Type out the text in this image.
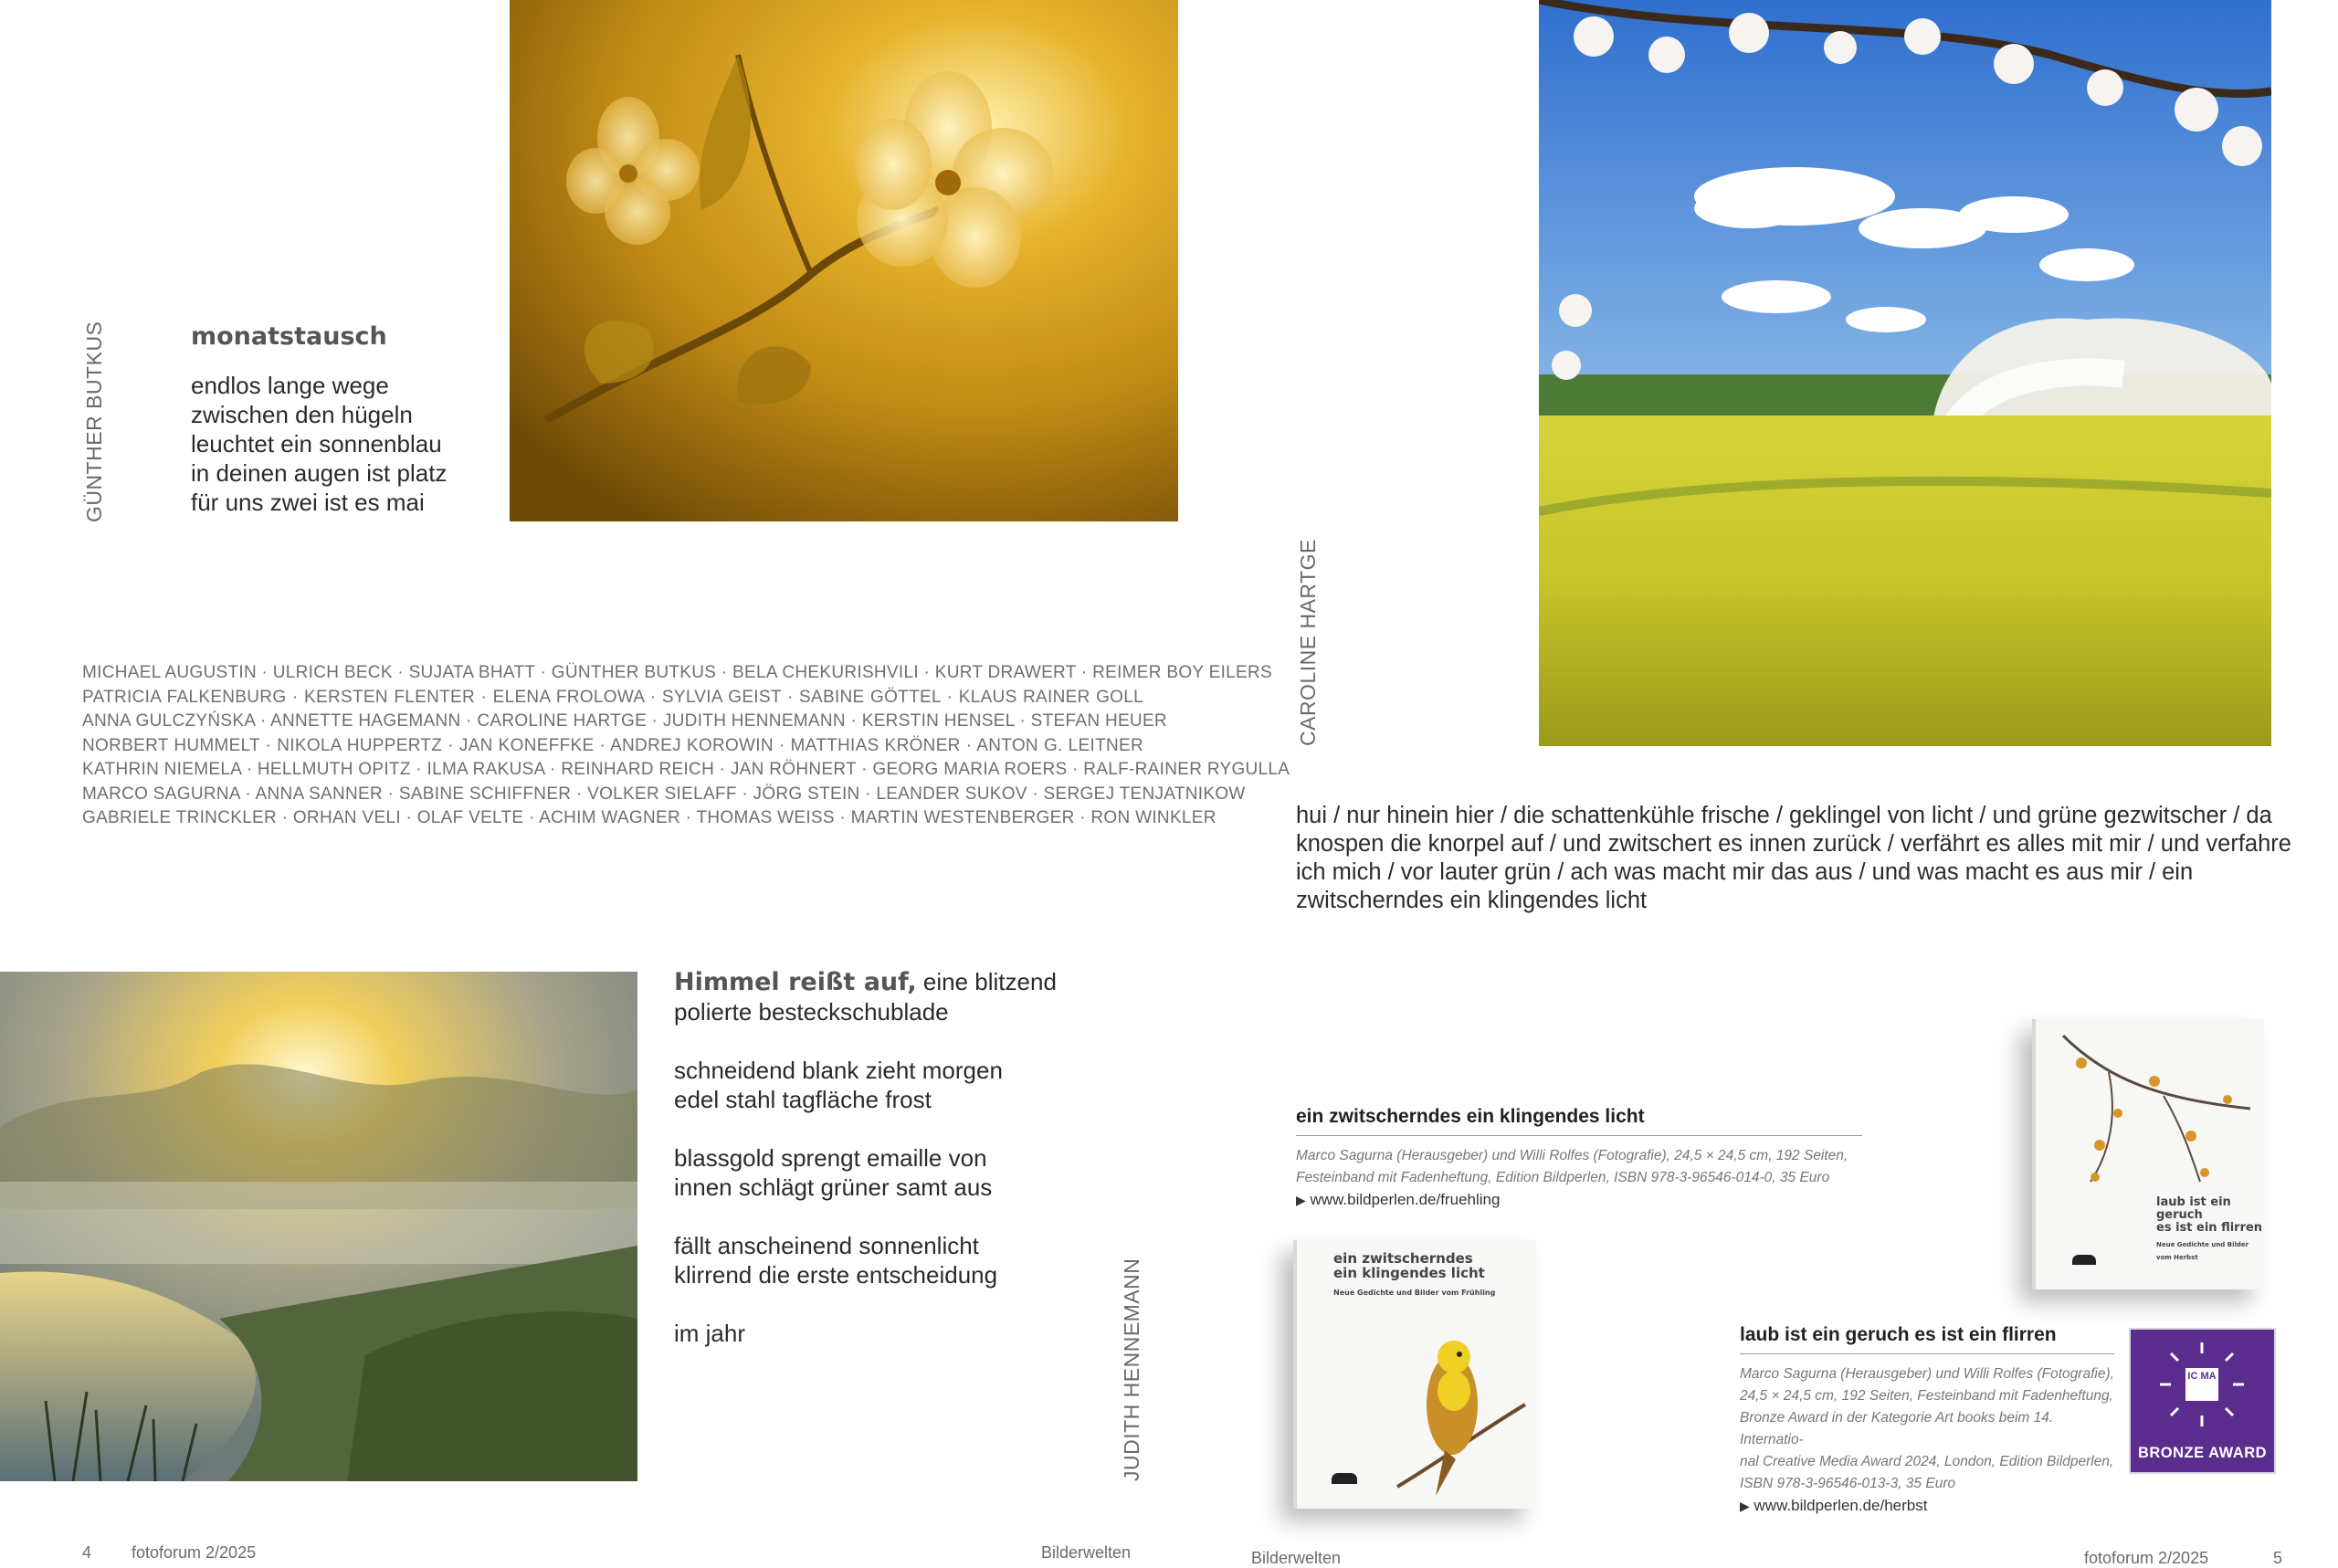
GÜNTHER BUTKUS	monatstausch
endlos lange wege
zwischen den hügeln
leuchtet ein sonnenblau
in deinen augen ist platz
für uns zwei ist es mai
MICHAEL AUGUSTIN · ULRICH BECK · SUJATA BHATT · GÜNTHER BUTKUS · BELA CHEKURISHVILI · KURT DRAWERT · REIMER BOY EILERS
PATRICIA FALKENBURG · KERSTEN FLENTER · ELENA FROLOWA · SYLVIA GEIST · SABINE GÖTTEL · KLAUS RAINER GOLL
ANNA GULCZYŃSKA · ANNETTE HAGEMANN · CAROLINE HARTGE · JUDITH HENNEMANN · KERSTIN HENSEL · STEFAN HEUER
NORBERT HUMMELT · NIKOLA HUPPERTZ · JAN KONEFFKE · ANDREJ KOROWIN · MATTHIAS KRÖNER · ANTON G. LEITNER
KATHRIN NIEMELA · HELLMUTH OPITZ · ILMA RAKUSA · REINHARD REICH · JAN RÖHNERT · GEORG MARIA ROERS · RALF-RAINER RYGULLA
MARCO SAGURNA · ANNA SANNER · SABINE SCHIFFNER · VOLKER SIELAFF · JÖRG STEIN · LEANDER SUKOV · SERGEJ TENJATNIKOW
GABRIELE TRINCKLER · ORHAN VELI · OLAF VELTE · ACHIM WAGNER · THOMAS WEISS · MARTIN WESTENBERGER · RON WINKLER
Himmel reißt auf, eine blitzend
polierte besteckschublade
schneidend blank zieht morgen
edel stahl tagfläche frost
blassgold sprengt emaille von
innen schlägt grüner samt aus
fällt anscheinend sonnenlicht
klirrend die erste entscheidung
im jahr	JUDITH HENNEMANN
4 fotoforum 2/2025	Bilderwelten
CAROLINE HARTGE
hui / nur hinein hier / die schattenkühle frische / geklingel von licht / und grüne gezwitscher / da
knospen die knorpel auf / und zwitschert es innen zurück / verfährt es alles mit mir / und verfahre
ich mich / vor lauter grün / ach was macht mir das aus / und was macht es aus mir / ein
zwitscherndes ein klingendes licht
ein zwitscherndes ein klingendes licht
Marco Sagurna (Herausgeber) und Willi Rolfes (Fotografie), 24,5 × 24,5 cm, 192 Seiten,
Festeinband mit Fadenheftung, Edition Bildperlen, ISBN 978-3-96546-014-0, 35 Euro
▶ www.bildperlen.de/fruehling
ein zwitscherndes
ein klingendes licht
Neue Gedichte und Bilder vom Frühling
laub ist ein geruch
es ist ein flirren
Neue Gedichte und Bilder vom Herbst
laub ist ein geruch es ist ein flirren
Marco Sagurna (Herausgeber) und Willi Rolfes (Fotografie),
24,5 × 24,5 cm, 192 Seiten, Festeinband mit Fadenheftung,
Bronze Award in der Kategorie Art books beim 14. Internatio-
nal Creative Media Award 2024, London, Edition Bildperlen,
ISBN 978-3-96546-013-3, 35 Euro
▶ www.bildperlen.de/herbst
IC MA
BRONZE AWARD
Bilderwelten	fotoforum 2/2025	5
